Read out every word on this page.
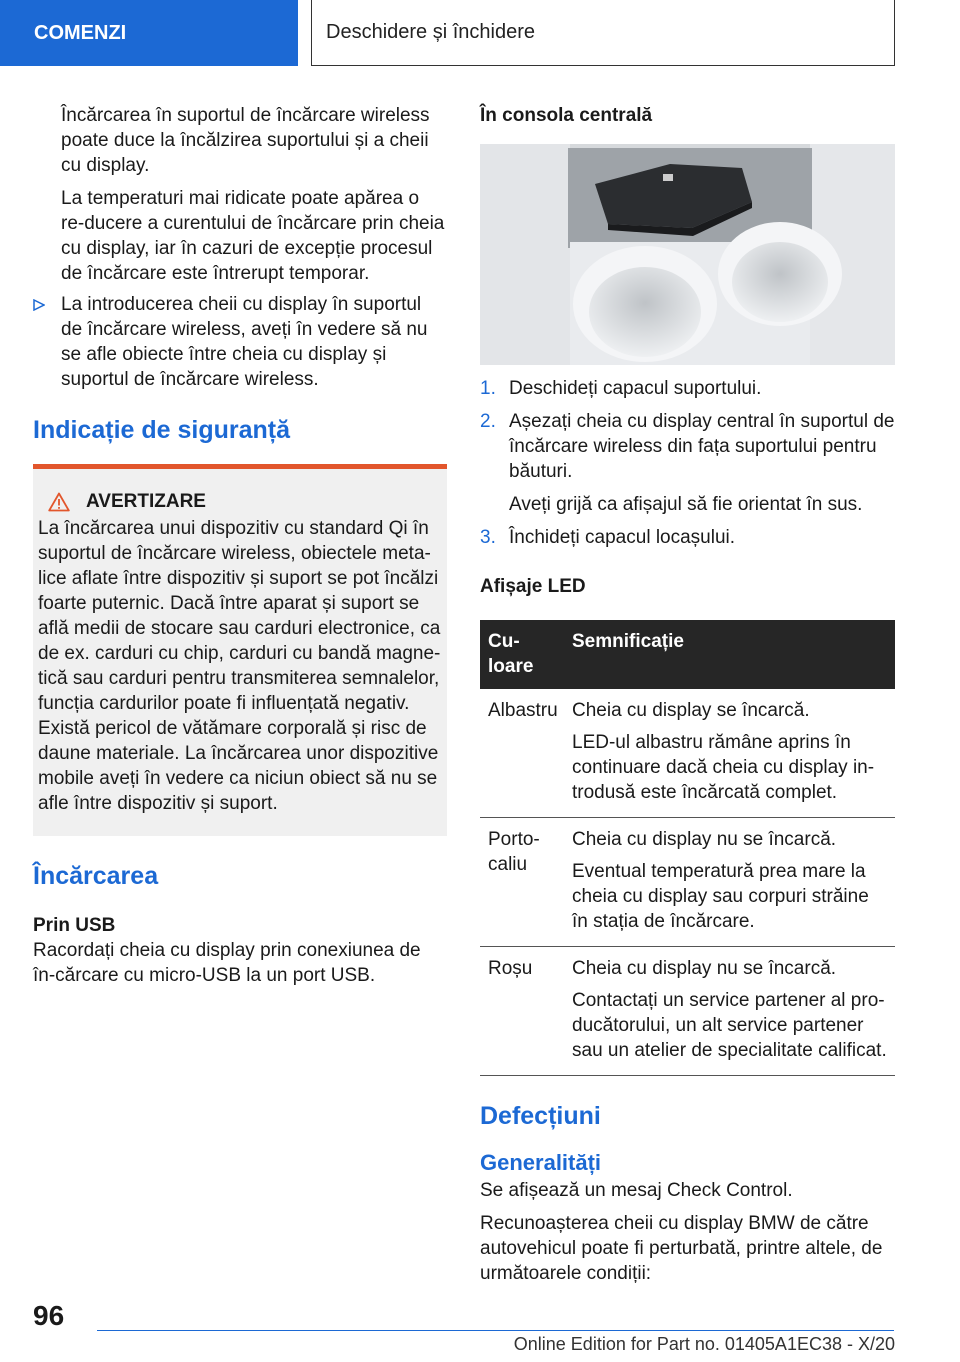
COMENZI	Deschidere și închidere

Încărcarea în suportul de încărcare wireless poate duce la încălzirea suportului și a cheii cu display.

La temperaturi mai ridicate poate apărea o re‐ducere a curentului de încărcare prin cheia cu display, iar în cazuri de excepție procesul de încărcare este întrerupt temporar.

La introducerea cheii cu display în suportul de încărcare wireless, aveți în vedere să nu se afle obiecte între cheia cu display și suportul de încărcare wireless.

Indicație de siguranță
AVERTIZARE

La încărcarea unui dispozitiv cu standard Qi în suportul de încărcare wireless, obiectele meta‐lice aflate între dispozitiv și suport se pot încălzi foarte puternic. Dacă între aparat și suport se află medii de stocare sau carduri electronice, ca de ex. carduri cu chip, carduri cu bandă magne‐tică sau carduri pentru transmiterea semnalelor, funcția cardurilor poate fi influențată negativ. Există pericol de vătămare corporală și risc de daune materiale. La încărcarea unor dispozitive mobile aveți în vedere ca niciun obiect să nu se afle între dispozitiv și suport.

Încărcarea
Prin USB

Racordați cheia cu display prin conexiunea de în‐cărcare cu micro-USB la un port USB.

În consola centrală
1. Deschideți capacul suportului.

2. Așezați cheia cu display central în suportul de încărcare wireless din fața suportului pentru băuturi.

Aveți grijă ca afișajul să fie orientat în sus.

3. Închideți capacul locașului.

Afișaje LED
Cu‐loare	Semnificație
Albastru	Cheia cu display se încarcă.

LED-ul albastru rămâne aprins în continuare dacă cheia cu display in‐trodusă este încărcată complet.

Porto‐caliu	Cheia cu display nu se încarcă.

Eventual temperatură prea mare la cheia cu display sau corpuri străine în stația de încărcare.

Roșu	Cheia cu display nu se încarcă.

Contactați un service partener al pro‐ducătorului, un alt service partener sau un atelier de specialitate calificat.

Defecțiuni
Generalități

Se afișează un mesaj Check Control.

Recunoașterea cheii cu display BMW de către autovehicul poate fi perturbată, printre altele, de următoarele condiții:

96
Online Edition for Part no. 01405A1EC38 - X/20
